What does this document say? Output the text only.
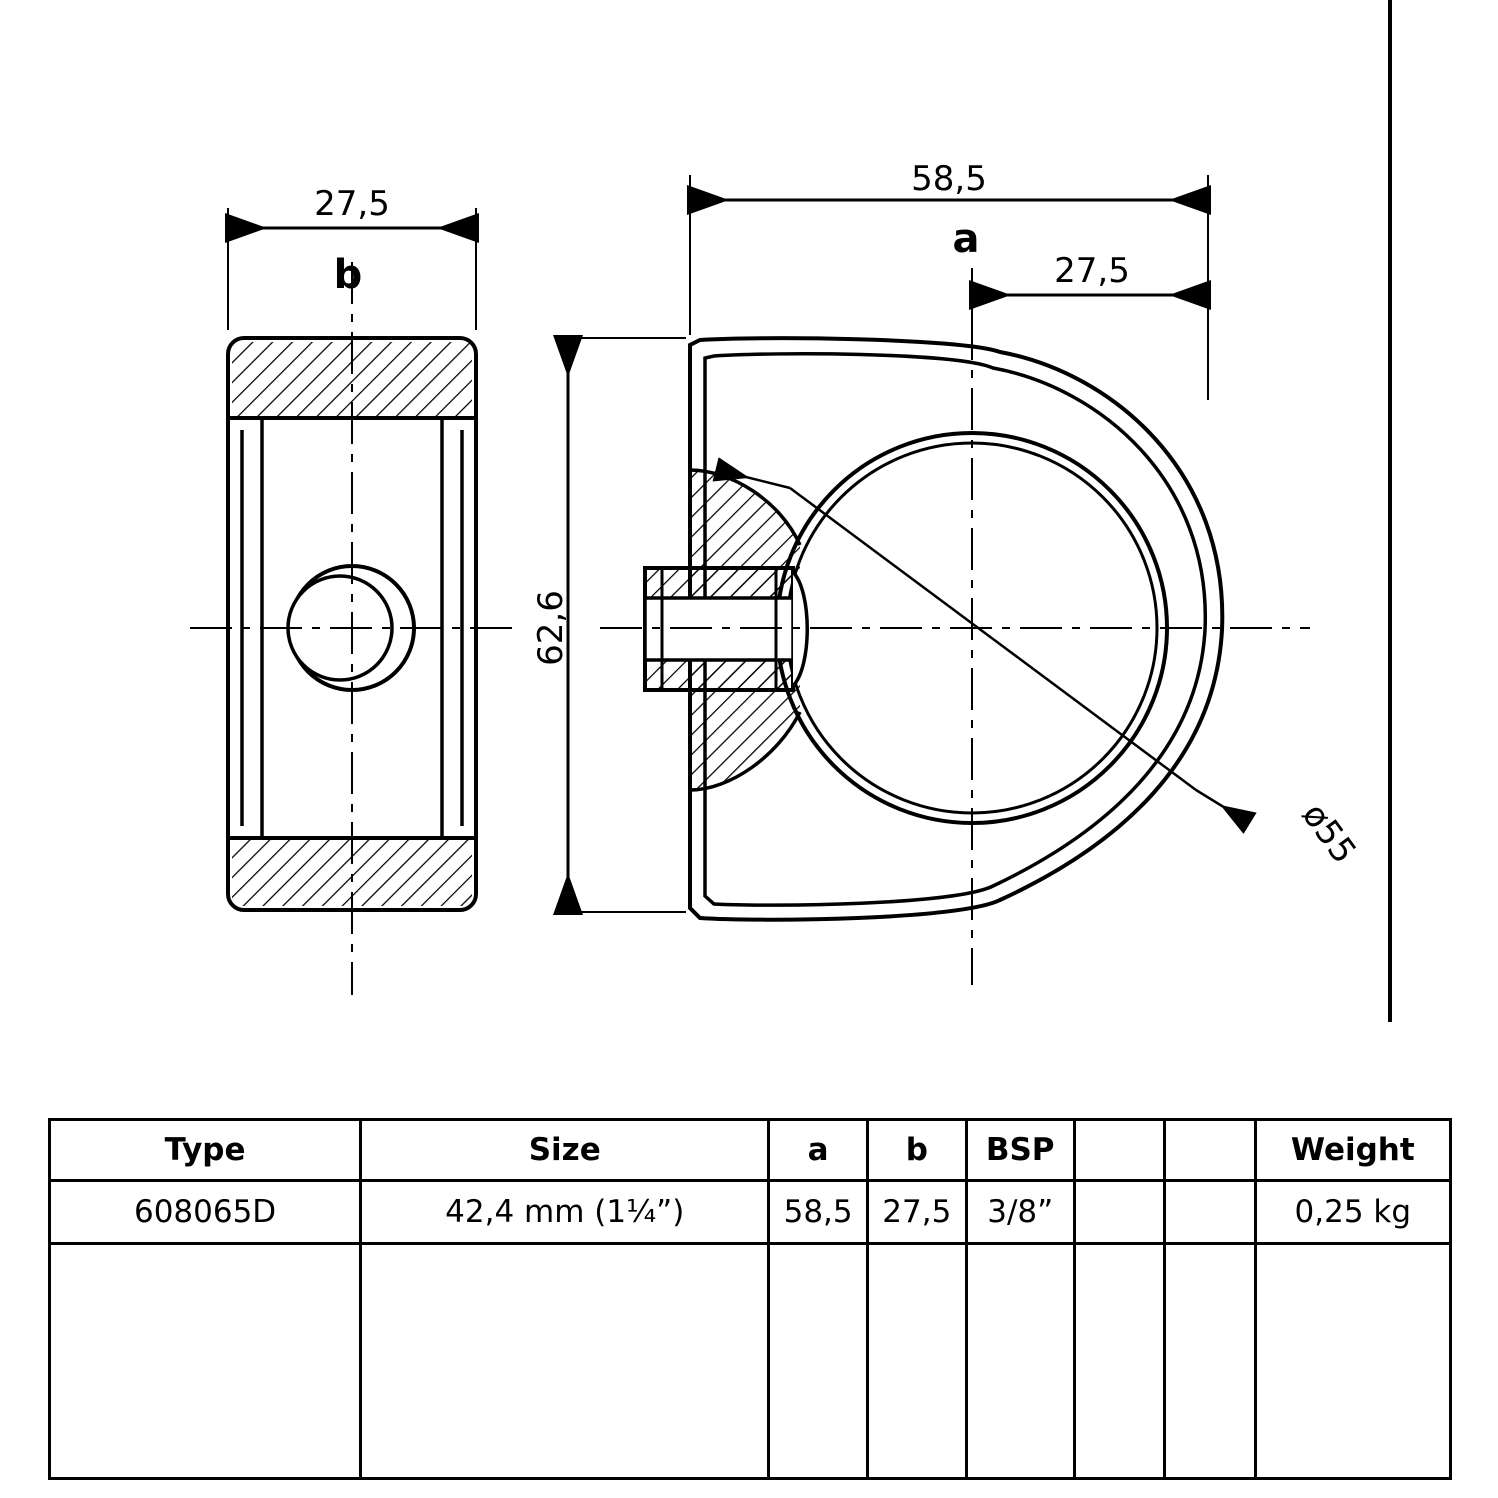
27,5
b
58,5
a
27,5
62,6
ø55
Type	Size	a	b	BSP			Weight
608065D	42,4 mm (1¼”)	58,5	27,5	3/8”			0,25 kg
